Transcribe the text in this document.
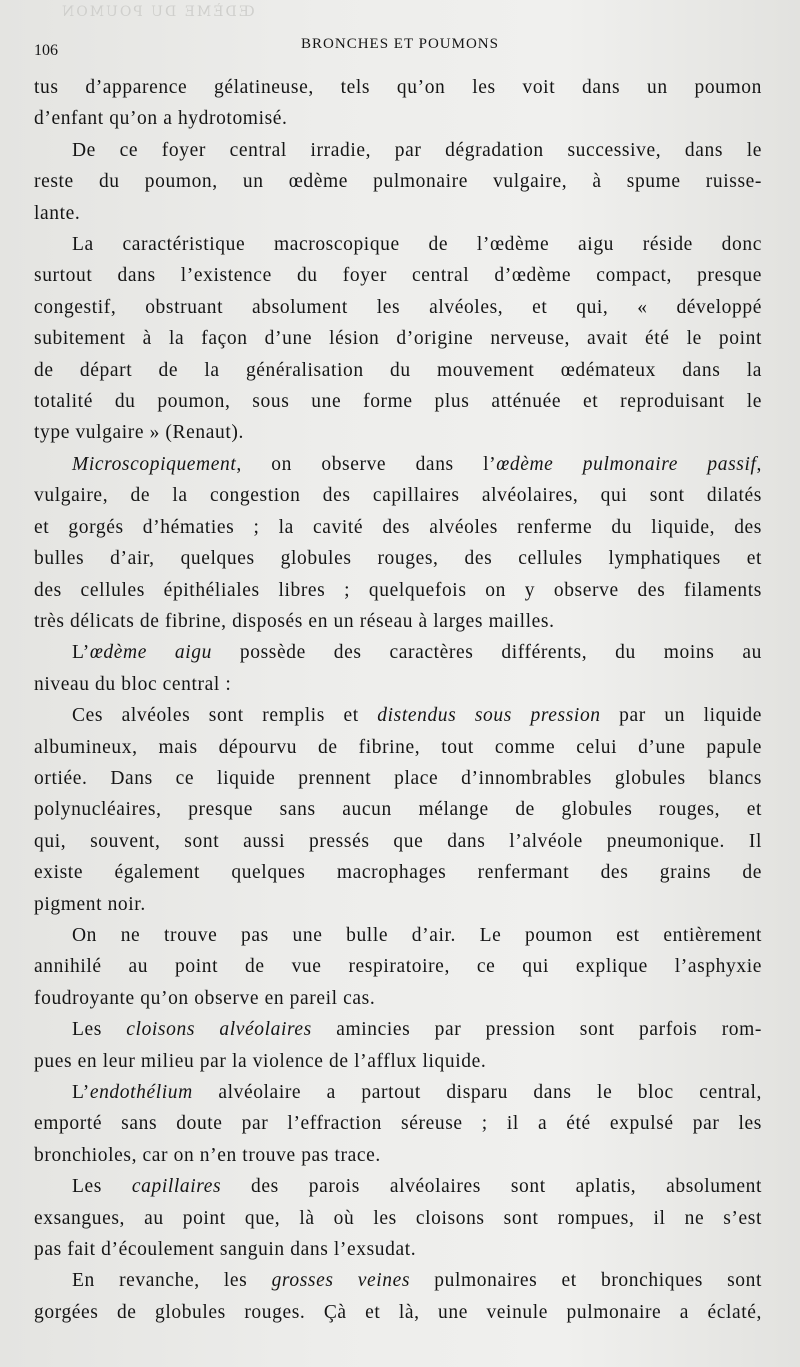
ŒDÈME DU POUMON
106	BRONCHES ET POUMONS
tus d’apparence gélatineuse, tels qu’on les voit dans un poumon
d’enfant qu’on a hydrotomisé.
De ce foyer central irradie, par dégradation successive, dans le
reste du poumon, un œdème pulmonaire vulgaire, à spume ruisse-
lante.
La caractéristique macroscopique de l’œdème aigu réside donc
surtout dans l’existence du foyer central d’œdème compact, presque
congestif, obstruant absolument les alvéoles, et qui, « développé
subitement à la façon d’une lésion d’origine nerveuse, avait été le point
de départ de la généralisation du mouvement œdémateux dans la
totalité du poumon, sous une forme plus atténuée et reproduisant le
type vulgaire » (Renaut).
Microscopiquement, on observe dans l’œdème pulmonaire passif,
vulgaire, de la congestion des capillaires alvéolaires, qui sont dilatés
et gorgés d’hématies ; la cavité des alvéoles renferme du liquide, des
bulles d’air, quelques globules rouges, des cellules lymphatiques et
des cellules épithéliales libres ; quelquefois on y observe des filaments
très délicats de fibrine, disposés en un réseau à larges mailles.
L’œdème aigu possède des caractères différents, du moins au
niveau du bloc central :
Ces alvéoles sont remplis et distendus sous pression par un liquide
albumineux, mais dépourvu de fibrine, tout comme celui d’une papule
ortiée. Dans ce liquide prennent place d’innombrables globules blancs
polynucléaires, presque sans aucun mélange de globules rouges, et
qui, souvent, sont aussi pressés que dans l’alvéole pneumonique. Il
existe également quelques macrophages renfermant des grains de
pigment noir.
On ne trouve pas une bulle d’air. Le poumon est entièrement
annihilé au point de vue respiratoire, ce qui explique l’asphyxie
foudroyante qu’on observe en pareil cas.
Les cloisons alvéolaires amincies par pression sont parfois rom-
pues en leur milieu par la violence de l’afflux liquide.
L’endothélium alvéolaire a partout disparu dans le bloc central,
emporté sans doute par l’effraction séreuse ; il a été expulsé par les
bronchioles, car on n’en trouve pas trace.
Les capillaires des parois alvéolaires sont aplatis, absolument
exsangues, au point que, là où les cloisons sont rompues, il ne s’est
pas fait d’écoulement sanguin dans l’exsudat.
En revanche, les grosses veines pulmonaires et bronchiques sont
gorgées de globules rouges. Çà et là, une veinule pulmonaire a éclaté,
